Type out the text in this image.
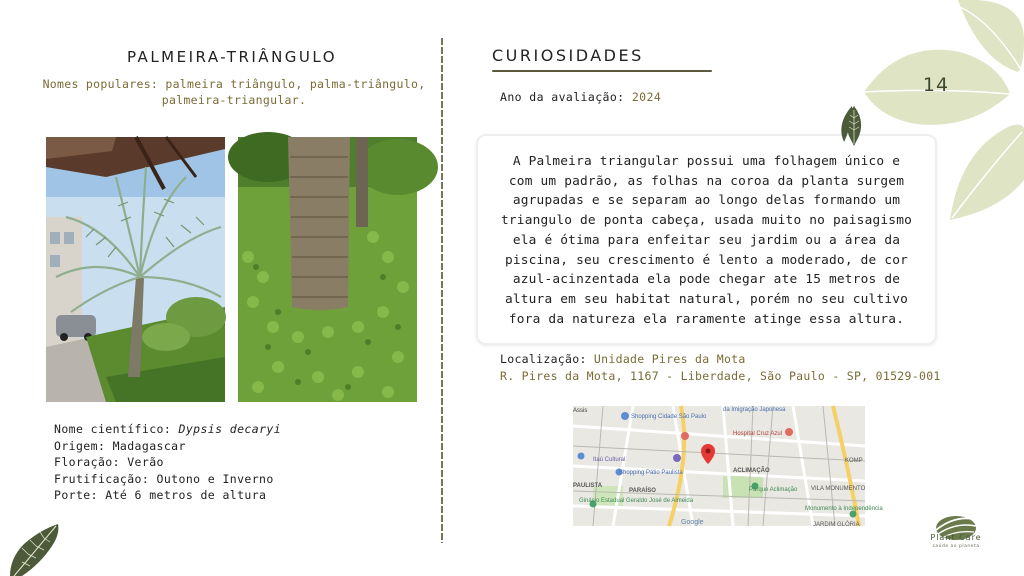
PALMEIRA-TRIÂNGULO
Nomes populares: palmeira triângulo, palma-triângulo,
palmeira-triangular.
Nome científico: Dypsis decaryi
Origem: Madagascar
Floração: Verão
Frutificação: Outono e Inverno
Porte: Até 6 metros de altura
CURIOSIDADES
Ano da avaliação: 2024
A Palmeira triangular possui uma folhagem único e
com um padrão, as folhas na coroa da planta surgem
agrupadas e se separam ao longo delas formando um
triangulo de ponta cabeça, usada muito no paisagismo
ela é ótima para enfeitar seu jardim ou a área da
piscina, seu crescimento é lento a moderado, de cor
azul-acinzentada ela pode chegar ate 15 metros de
altura em seu habitat natural, porém no seu cultivo
fora da natureza ela raramente atinge essa altura.
Localização: Unidade Pires da Mota
R. Pires da Mota, 1167 - Liberdade, São Paulo - SP, 01529-001
Assis
Shopping Cidade São Paulo
da Imigração Japonesa
Hospital Cruz Azul
Itaú Cultural
Shopping Pátio Paulista	ACLIMAÇÃO
PAULISTA
PARAÍSO	Parque Aclimação VILA MONUMENTO
KOMP
Ginásio Estadual Geraldo José de Almeida
Monumento à Independência
JARDIM GLÓRIA
Google
14
Plant Care
saúde ao planeta
